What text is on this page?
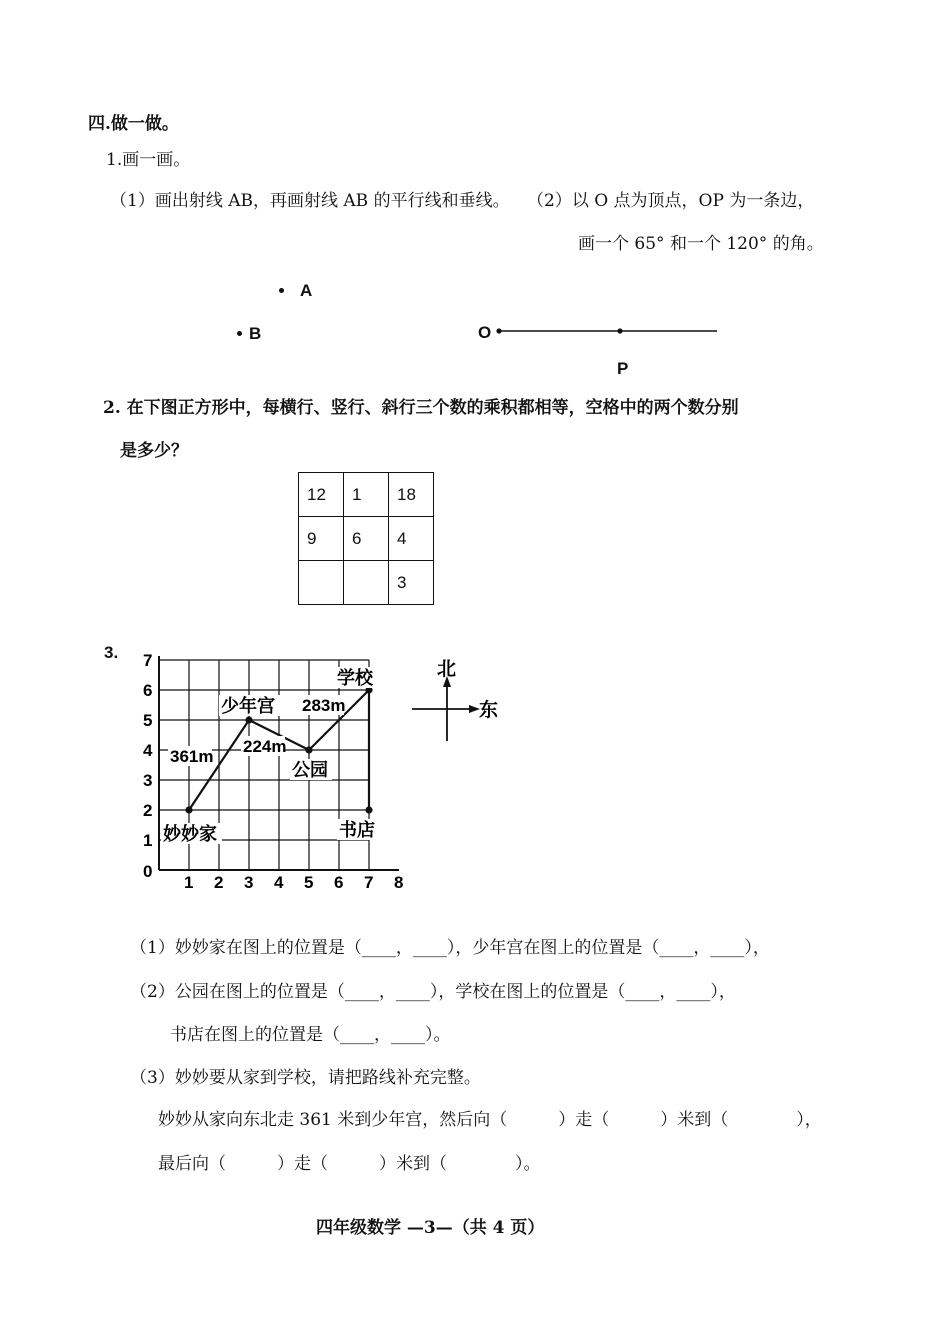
四.做一做。
1.画一画。
（1）画出射线 AB，再画射线 AB 的平行线和垂线。 （2）以 O 点为顶点，OP 为一条边，
画一个 65° 和一个 120° 的角。
A
B	O
P
2. 在下图正方形中，每横行、竖行、斜行三个数的乘积都相等，空格中的两个数分别
是多少？
12	1	18
9	6	4
		3
3.
1 2 3 4 5 6 7 8
0
1
2
3
4
5
6
7
妙妙家
少年宫
公园
学校
书店
361m
224m
283m
北
东
（1）妙妙家在图上的位置是（____，____），少年宫在图上的位置是（____，____），
（2）公园在图上的位置是（____，____），学校在图上的位置是（____，____），
书店在图上的位置是（____，____）。
（3）妙妙要从家到学校，请把路线补充完整。
妙妙从家向东北走 361 米到少年宫，然后向（　　　）走（　　　）米到（　　　　），
最后向（　　　）走（　　　）米到（　　　　）。
四年级数学 —3—（共 4 页）
